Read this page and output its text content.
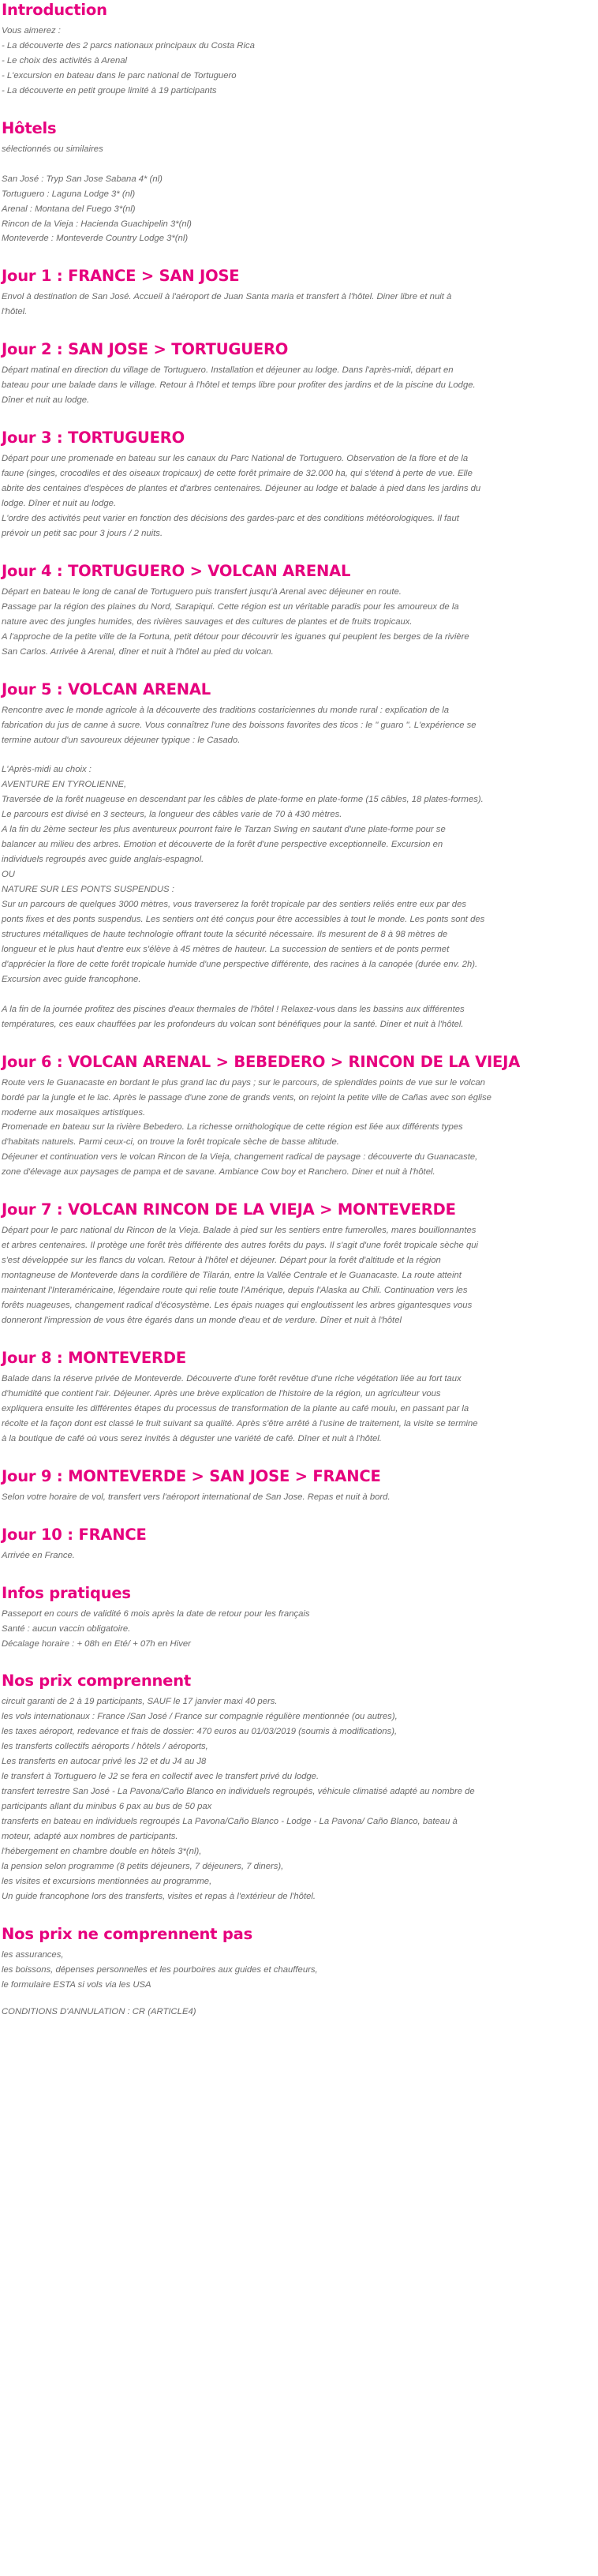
Introduction
Vous aimerez :
- La découverte des 2 parcs nationaux principaux du Costa Rica
- Le choix des activités à Arenal
- L'excursion en bateau dans le parc national de Tortuguero
- La découverte en petit groupe limité à 19 participants
Hôtels
sélectionnés ou similaires
San José : Tryp San Jose Sabana 4* (nl)
Tortuguero : Laguna Lodge 3* (nl)
Arenal : Montana del Fuego 3*(nl)
Rincon de la Vieja : Hacienda Guachipelin 3*(nl)
Monteverde : Monteverde Country Lodge 3*(nl)
Jour 1 : FRANCE > SAN JOSE
Envol à destination de San José. Accueil à l'aéroport de Juan Santa maria et transfert à l'hôtel. Diner libre et nuit à
l'hôtel.
Jour 2 : SAN JOSE > TORTUGUERO
Départ matinal en direction du village de Tortuguero. Installation et déjeuner au lodge. Dans l'après-midi, départ en
bateau pour une balade dans le village. Retour à l'hôtel et temps libre pour profiter des jardins et de la piscine du Lodge.
Dîner et nuit au lodge.
Jour 3 : TORTUGUERO
Départ pour une promenade en bateau sur les canaux du Parc National de Tortuguero. Observation de la flore et de la
faune (singes, crocodiles et des oiseaux tropicaux) de cette forêt primaire de 32.000 ha, qui s'étend à perte de vue. Elle
abrite des centaines d'espèces de plantes et d'arbres centenaires. Déjeuner au lodge et balade à pied dans les jardins du
lodge. Dîner et nuit au lodge.
L'ordre des activités peut varier en fonction des décisions des gardes-parc et des conditions météorologiques. Il faut
prévoir un petit sac pour 3 jours / 2 nuits.
Jour 4 : TORTUGUERO > VOLCAN ARENAL
Départ en bateau le long de canal de Tortuguero puis transfert jusqu'à Arenal avec déjeuner en route.
Passage par la région des plaines du Nord, Sarapiqui. Cette région est un véritable paradis pour les amoureux de la
nature avec des jungles humides, des rivières sauvages et des cultures de plantes et de fruits tropicaux.
A l'approche de la petite ville de la Fortuna, petit détour pour découvrir les iguanes qui peuplent les berges de la rivière
San Carlos. Arrivée à Arenal, dîner et nuit à l'hôtel au pied du volcan.
Jour 5 : VOLCAN ARENAL
Rencontre avec le monde agricole à la découverte des traditions costariciennes du monde rural : explication de la
fabrication du jus de canne à sucre. Vous connaîtrez l'une des boissons favorites des ticos : le " guaro ". L'expérience se
termine autour d'un savoureux déjeuner typique : le Casado.
L'Après-midi au choix :
AVENTURE EN TYROLIENNE,
Traversée de la forêt nuageuse en descendant par les câbles de plate-forme en plate-forme (15 câbles, 18 plates-formes).
Le parcours est divisé en 3 secteurs, la longueur des câbles varie de 70 à 430 mètres.
A la fin du 2ème secteur les plus aventureux pourront faire le Tarzan Swing en sautant d'une plate-forme pour se
balancer au milieu des arbres. Emotion et découverte de la forêt d'une perspective exceptionnelle. Excursion en
individuels regroupés avec guide anglais-espagnol.
OU
NATURE SUR LES PONTS SUSPENDUS :
Sur un parcours de quelques 3000 mètres, vous traverserez la forêt tropicale par des sentiers reliés entre eux par des
ponts fixes et des ponts suspendus. Les sentiers ont été conçus pour être accessibles à tout le monde. Les ponts sont des
structures métalliques de haute technologie offrant toute la sécurité nécessaire. Ils mesurent de 8 à 98 mètres de
longueur et le plus haut d'entre eux s'élève à 45 mètres de hauteur. La succession de sentiers et de ponts permet
d'apprécier la flore de cette forêt tropicale humide d'une perspective différente, des racines à la canopée (durée env. 2h).
Excursion avec guide francophone.
A la fin de la journée profitez des piscines d'eaux thermales de l'hôtel ! Relaxez-vous dans les bassins aux différentes
températures, ces eaux chauffées par les profondeurs du volcan sont bénéfiques pour la santé. Diner et nuit à l'hôtel.
Jour 6 : VOLCAN ARENAL > BEBEDERO > RINCON DE LA VIEJA
Route vers le Guanacaste en bordant le plus grand lac du pays ; sur le parcours, de splendides points de vue sur le volcan
bordé par la jungle et le lac. Après le passage d'une zone de grands vents, on rejoint la petite ville de Cañas avec son église
moderne aux mosaïques artistiques.
Promenade en bateau sur la rivière Bebedero. La richesse ornithologique de cette région est liée aux différents types
d'habitats naturels. Parmi ceux-ci, on trouve la forêt tropicale sèche de basse altitude.
Déjeuner et continuation vers le volcan Rincon de la Vieja, changement radical de paysage : découverte du Guanacaste,
zone d'élevage aux paysages de pampa et de savane. Ambiance Cow boy et Ranchero. Diner et nuit à l'hôtel.
Jour 7 : VOLCAN RINCON DE LA VIEJA > MONTEVERDE
Départ pour le parc national du Rincon de la Vieja. Balade à pied sur les sentiers entre fumerolles, mares bouillonnantes
et arbres centenaires. Il protège une forêt très différente des autres forêts du pays. Il s'agit d'une forêt tropicale sèche qui
s'est développée sur les flancs du volcan. Retour à l'hôtel et déjeuner. Départ pour la forêt d'altitude et la région
montagneuse de Monteverde dans la cordillère de Tilarán, entre la Vallée Centrale et le Guanacaste. La route atteint
maintenant l'Interaméricaine, légendaire route qui relie toute l'Amérique, depuis l'Alaska au Chili. Continuation vers les
forêts nuageuses, changement radical d'écosystème. Les épais nuages qui engloutissent les arbres gigantesques vous
donneront l'impression de vous être égarés dans un monde d'eau et de verdure. Dîner et nuit à l'hôtel
Jour 8 : MONTEVERDE
Balade dans la réserve privée de Monteverde. Découverte d'une forêt revêtue d'une riche végétation liée au fort taux
d'humidité que contient l'air. Déjeuner. Après une brève explication de l'histoire de la région, un agriculteur vous
expliquera ensuite les différentes étapes du processus de transformation de la plante au café moulu, en passant par la
récolte et la façon dont est classé le fruit suivant sa qualité. Après s'être arrêté à l'usine de traitement, la visite se termine
à la boutique de café où vous serez invités à déguster une variété de café. Dîner et nuit à l'hôtel.
Jour 9 : MONTEVERDE > SAN JOSE > FRANCE
Selon votre horaire de vol, transfert vers l'aéroport international de San Jose. Repas et nuit à bord.
Jour 10 : FRANCE
Arrivée en France.
Infos pratiques
Passeport en cours de validité 6 mois après la date de retour pour les français
Santé : aucun vaccin obligatoire.
Décalage horaire : + 08h en Eté/ + 07h en Hiver
Nos prix comprennent
circuit garanti de 2 à 19 participants, SAUF le 17 janvier maxi 40 pers.
les vols internationaux : France /San José / France sur compagnie régulière mentionnée (ou autres),
les taxes aéroport, redevance et frais de dossier: 470 euros au 01/03/2019 (soumis à modifications),
les transferts collectifs aéroports / hôtels / aéroports,
Les transferts en autocar privé les J2 et du J4 au J8
le transfert à Tortuguero le J2 se fera en collectif avec le transfert privé du lodge.
transfert terrestre San José - La Pavona/Caño Blanco en individuels regroupés, véhicule climatisé adapté au nombre de
participants allant du minibus 6 pax au bus de 50 pax
transferts en bateau en individuels regroupés La Pavona/Caño Blanco - Lodge - La Pavona/ Caño Blanco, bateau à
moteur, adapté aux nombres de participants.
l'hébergement en chambre double en hôtels 3*(nl),
la pension selon programme (8 petits déjeuners, 7 déjeuners, 7 diners),
les visites et excursions mentionnées au programme,
Un guide francophone lors des transferts, visites et repas à l'extérieur de l'hôtel.
Nos prix ne comprennent pas
les assurances,
les boissons, dépenses personnelles et les pourboires aux guides et chauffeurs,
le formulaire ESTA si vols via les USA
CONDITIONS D'ANNULATION : CR (ARTICLE4)
